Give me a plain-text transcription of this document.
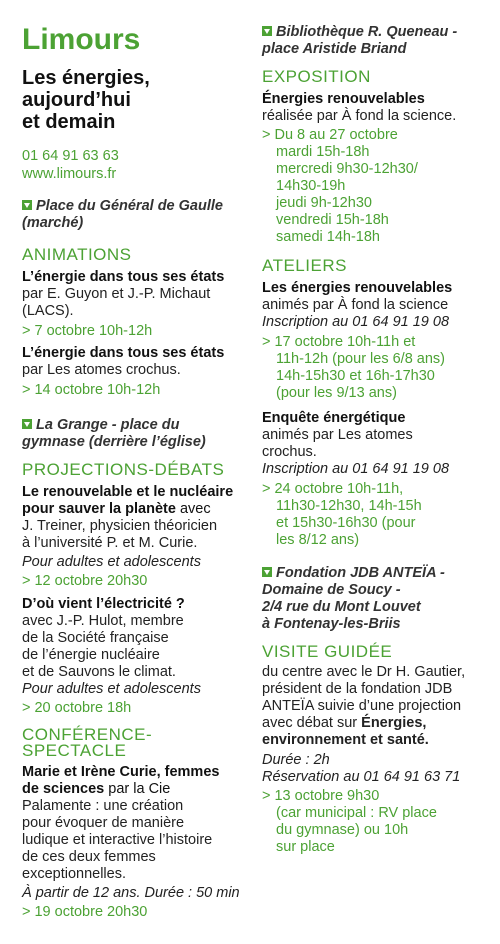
Limours
Les énergies,
aujourd’hui
et demain
01 64 91 63 63
www.limours.fr
Place du Général de Gaulle
(marché)
ANIMATIONS
L’énergie dans tous ses états
par E. Guyon et J.-P. Michaut
(LACS).
> 7 octobre 10h-12h
L’énergie dans tous ses états
par Les atomes crochus.
> 14 octobre 10h-12h
La Grange - place du
gymnase (derrière l’église)
PROJECTIONS-DÉBATS
Le renouvelable et le nucléaire
pour sauver la planète avec
J. Treiner, physicien théoricien
à l’université P. et M. Curie.
Pour adultes et adolescents
> 12 octobre 20h30
D’où vient l’électricité ?
avec J.-P. Hulot, membre
de la Société française
de l’énergie nucléaire
et de Sauvons le climat.
Pour adultes et adolescents
> 20 octobre 18h
CONFÉRENCE-
SPECTACLE
Marie et Irène Curie, femmes
de sciences par la Cie
Palamente : une création
pour évoquer de manière
ludique et interactive l’histoire
de ces deux femmes
exceptionnelles.
À partir de 12 ans. Durée : 50 min
> 19 octobre 20h30
Bibliothèque R. Queneau -
place Aristide Briand
EXPOSITION
Énergies renouvelables
réalisée par À fond la science.
> Du 8 au 27 octobre
mardi 15h-18h
mercredi 9h30-12h30/
14h30-19h
jeudi 9h-12h30
vendredi 15h-18h
samedi 14h-18h
ATELIERS
Les énergies renouvelables
animés par À fond la science
Inscription au 01 64 91 19 08
> 17 octobre 10h-11h et
11h-12h (pour les 6/8 ans)
14h-15h30 et 16h-17h30
(pour les 9/13 ans)
Enquête énergétique
animés par Les atomes
crochus.
Inscription au 01 64 91 19 08
> 24 octobre 10h-11h,
11h30-12h30, 14h-15h
et 15h30-16h30 (pour
les 8/12 ans)
Fondation JDB ANTEÏA -
Domaine de Soucy -
2/4 rue du Mont Louvet
à Fontenay-les-Briis
VISITE GUIDÉE
du centre avec le Dr H. Gautier,
président de la fondation JDB
ANTEÏA suivie d’une projection
avec débat sur Énergies,
environnement et santé.
Durée : 2h
Réservation au 01 64 91 63 71
> 13 octobre 9h30
(car municipal : RV place
du gymnase) ou 10h
sur place
